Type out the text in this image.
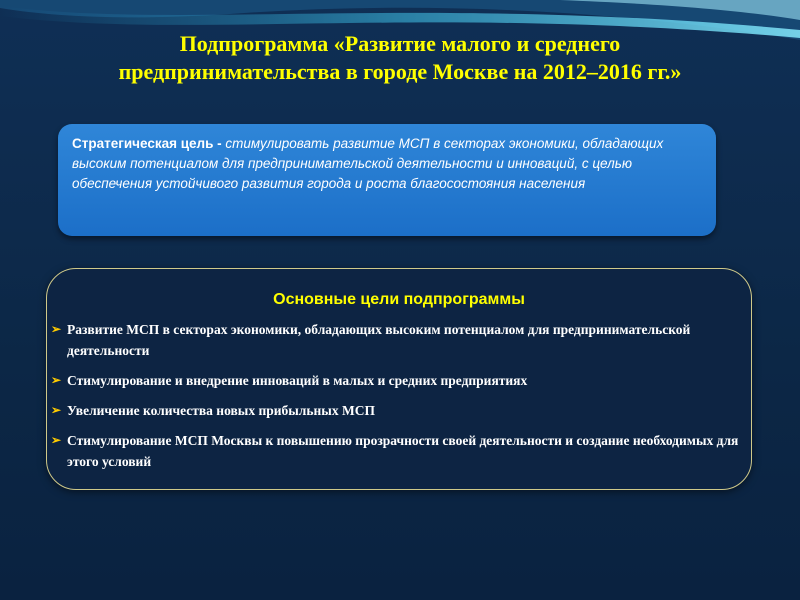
Подпрограмма «Развитие малого и среднего
предпринимательства в городе Москве на 2012–2016 гг.»
Стратегическая цель - стимулировать развитие МСП в секторах экономики, обладающих высоким потенциалом для предпринимательской деятельности и инноваций, с целью обеспечения устойчивого развития города и роста благосостояния населения
Основные цели подпрограммы
➢ Развитие МСП в секторах экономики, обладающих высоким потенциалом для предпринимательской деятельности
➢ Стимулирование и внедрение инноваций в малых и средних предприятиях
➢ Увеличение количества новых прибыльных МСП
➢ Стимулирование МСП Москвы к повышению прозрачности своей деятельности и создание необходимых для этого условий
